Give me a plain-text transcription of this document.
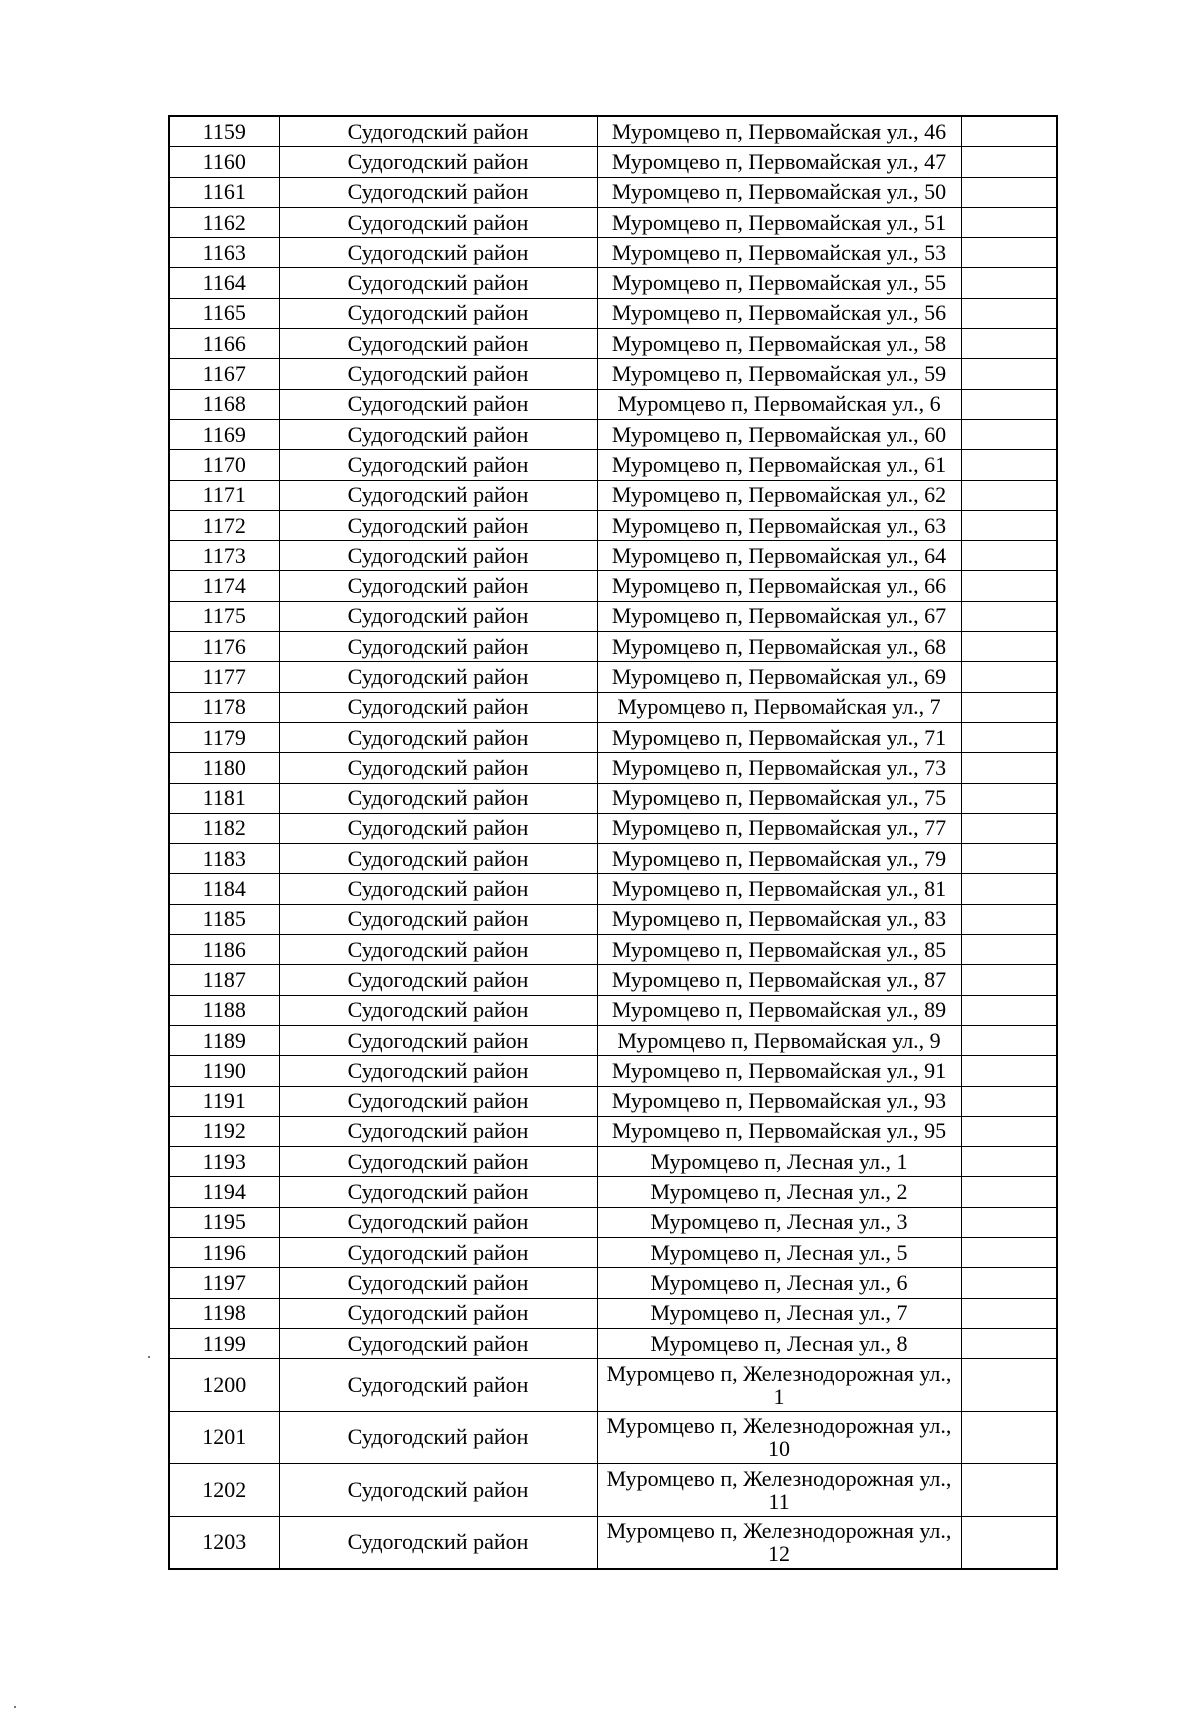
1159	Судогодский район	Муромцево п, Первомайская ул., 46	
1160	Судогодский район	Муромцево п, Первомайская ул., 47	
1161	Судогодский район	Муромцево п, Первомайская ул., 50	
1162	Судогодский район	Муромцево п, Первомайская ул., 51	
1163	Судогодский район	Муромцево п, Первомайская ул., 53	
1164	Судогодский район	Муромцево п, Первомайская ул., 55	
1165	Судогодский район	Муромцево п, Первомайская ул., 56	
1166	Судогодский район	Муромцево п, Первомайская ул., 58	
1167	Судогодский район	Муромцево п, Первомайская ул., 59	
1168	Судогодский район	Муромцево п, Первомайская ул., 6	
1169	Судогодский район	Муромцево п, Первомайская ул., 60	
1170	Судогодский район	Муромцево п, Первомайская ул., 61	
1171	Судогодский район	Муромцево п, Первомайская ул., 62	
1172	Судогодский район	Муромцево п, Первомайская ул., 63	
1173	Судогодский район	Муромцево п, Первомайская ул., 64	
1174	Судогодский район	Муромцево п, Первомайская ул., 66	
1175	Судогодский район	Муромцево п, Первомайская ул., 67	
1176	Судогодский район	Муромцево п, Первомайская ул., 68	
1177	Судогодский район	Муромцево п, Первомайская ул., 69	
1178	Судогодский район	Муромцево п, Первомайская ул., 7	
1179	Судогодский район	Муромцево п, Первомайская ул., 71	
1180	Судогодский район	Муромцево п, Первомайская ул., 73	
1181	Судогодский район	Муромцево п, Первомайская ул., 75	
1182	Судогодский район	Муромцево п, Первомайская ул., 77	
1183	Судогодский район	Муромцево п, Первомайская ул., 79	
1184	Судогодский район	Муромцево п, Первомайская ул., 81	
1185	Судогодский район	Муромцево п, Первомайская ул., 83	
1186	Судогодский район	Муромцево п, Первомайская ул., 85	
1187	Судогодский район	Муромцево п, Первомайская ул., 87	
1188	Судогодский район	Муромцево п, Первомайская ул., 89	
1189	Судогодский район	Муромцево п, Первомайская ул., 9	
1190	Судогодский район	Муромцево п, Первомайская ул., 91	
1191	Судогодский район	Муромцево п, Первомайская ул., 93	
1192	Судогодский район	Муромцево п, Первомайская ул., 95	
1193	Судогодский район	Муромцево п, Лесная ул., 1	
1194	Судогодский район	Муромцево п, Лесная ул., 2	
1195	Судогодский район	Муромцево п, Лесная ул., 3	
1196	Судогодский район	Муромцево п, Лесная ул., 5	
1197	Судогодский район	Муромцево п, Лесная ул., 6	
1198	Судогодский район	Муромцево п, Лесная ул., 7	
1199	Судогодский район	Муромцево п, Лесная ул., 8	
1200	Судогодский район	Муромцево п, Железнодорожная ул., 1	
1201	Судогодский район	Муромцево п, Железнодорожная ул., 10	
1202	Судогодский район	Муромцево п, Железнодорожная ул., 11	
1203	Судогодский район	Муромцево п, Железнодорожная ул., 12	
